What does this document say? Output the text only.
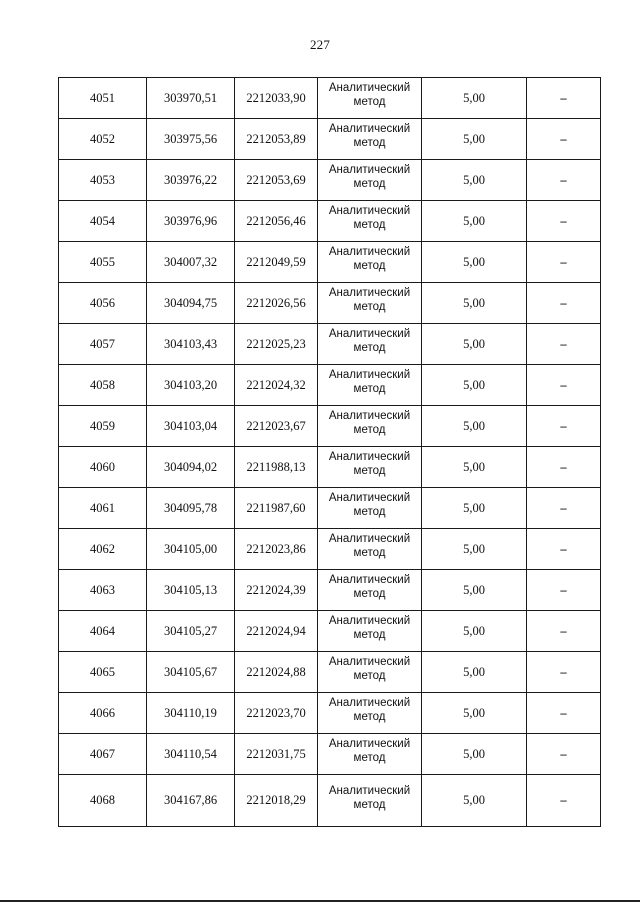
227
4051	303970,51	2212033,90	Аналитический метод	5,00	–
4052	303975,56	2212053,89	Аналитический метод	5,00	–
4053	303976,22	2212053,69	Аналитический метод	5,00	–
4054	303976,96	2212056,46	Аналитический метод	5,00	–
4055	304007,32	2212049,59	Аналитический метод	5,00	–
4056	304094,75	2212026,56	Аналитический метод	5,00	–
4057	304103,43	2212025,23	Аналитический метод	5,00	–
4058	304103,20	2212024,32	Аналитический метод	5,00	–
4059	304103,04	2212023,67	Аналитический метод	5,00	–
4060	304094,02	2211988,13	Аналитический метод	5,00	–
4061	304095,78	2211987,60	Аналитический метод	5,00	–
4062	304105,00	2212023,86	Аналитический метод	5,00	–
4063	304105,13	2212024,39	Аналитический метод	5,00	–
4064	304105,27	2212024,94	Аналитический метод	5,00	–
4065	304105,67	2212024,88	Аналитический метод	5,00	–
4066	304110,19	2212023,70	Аналитический метод	5,00	–
4067	304110,54	2212031,75	Аналитический метод	5,00	–
4068	304167,86	2212018,29	Аналитический метод	5,00	–
